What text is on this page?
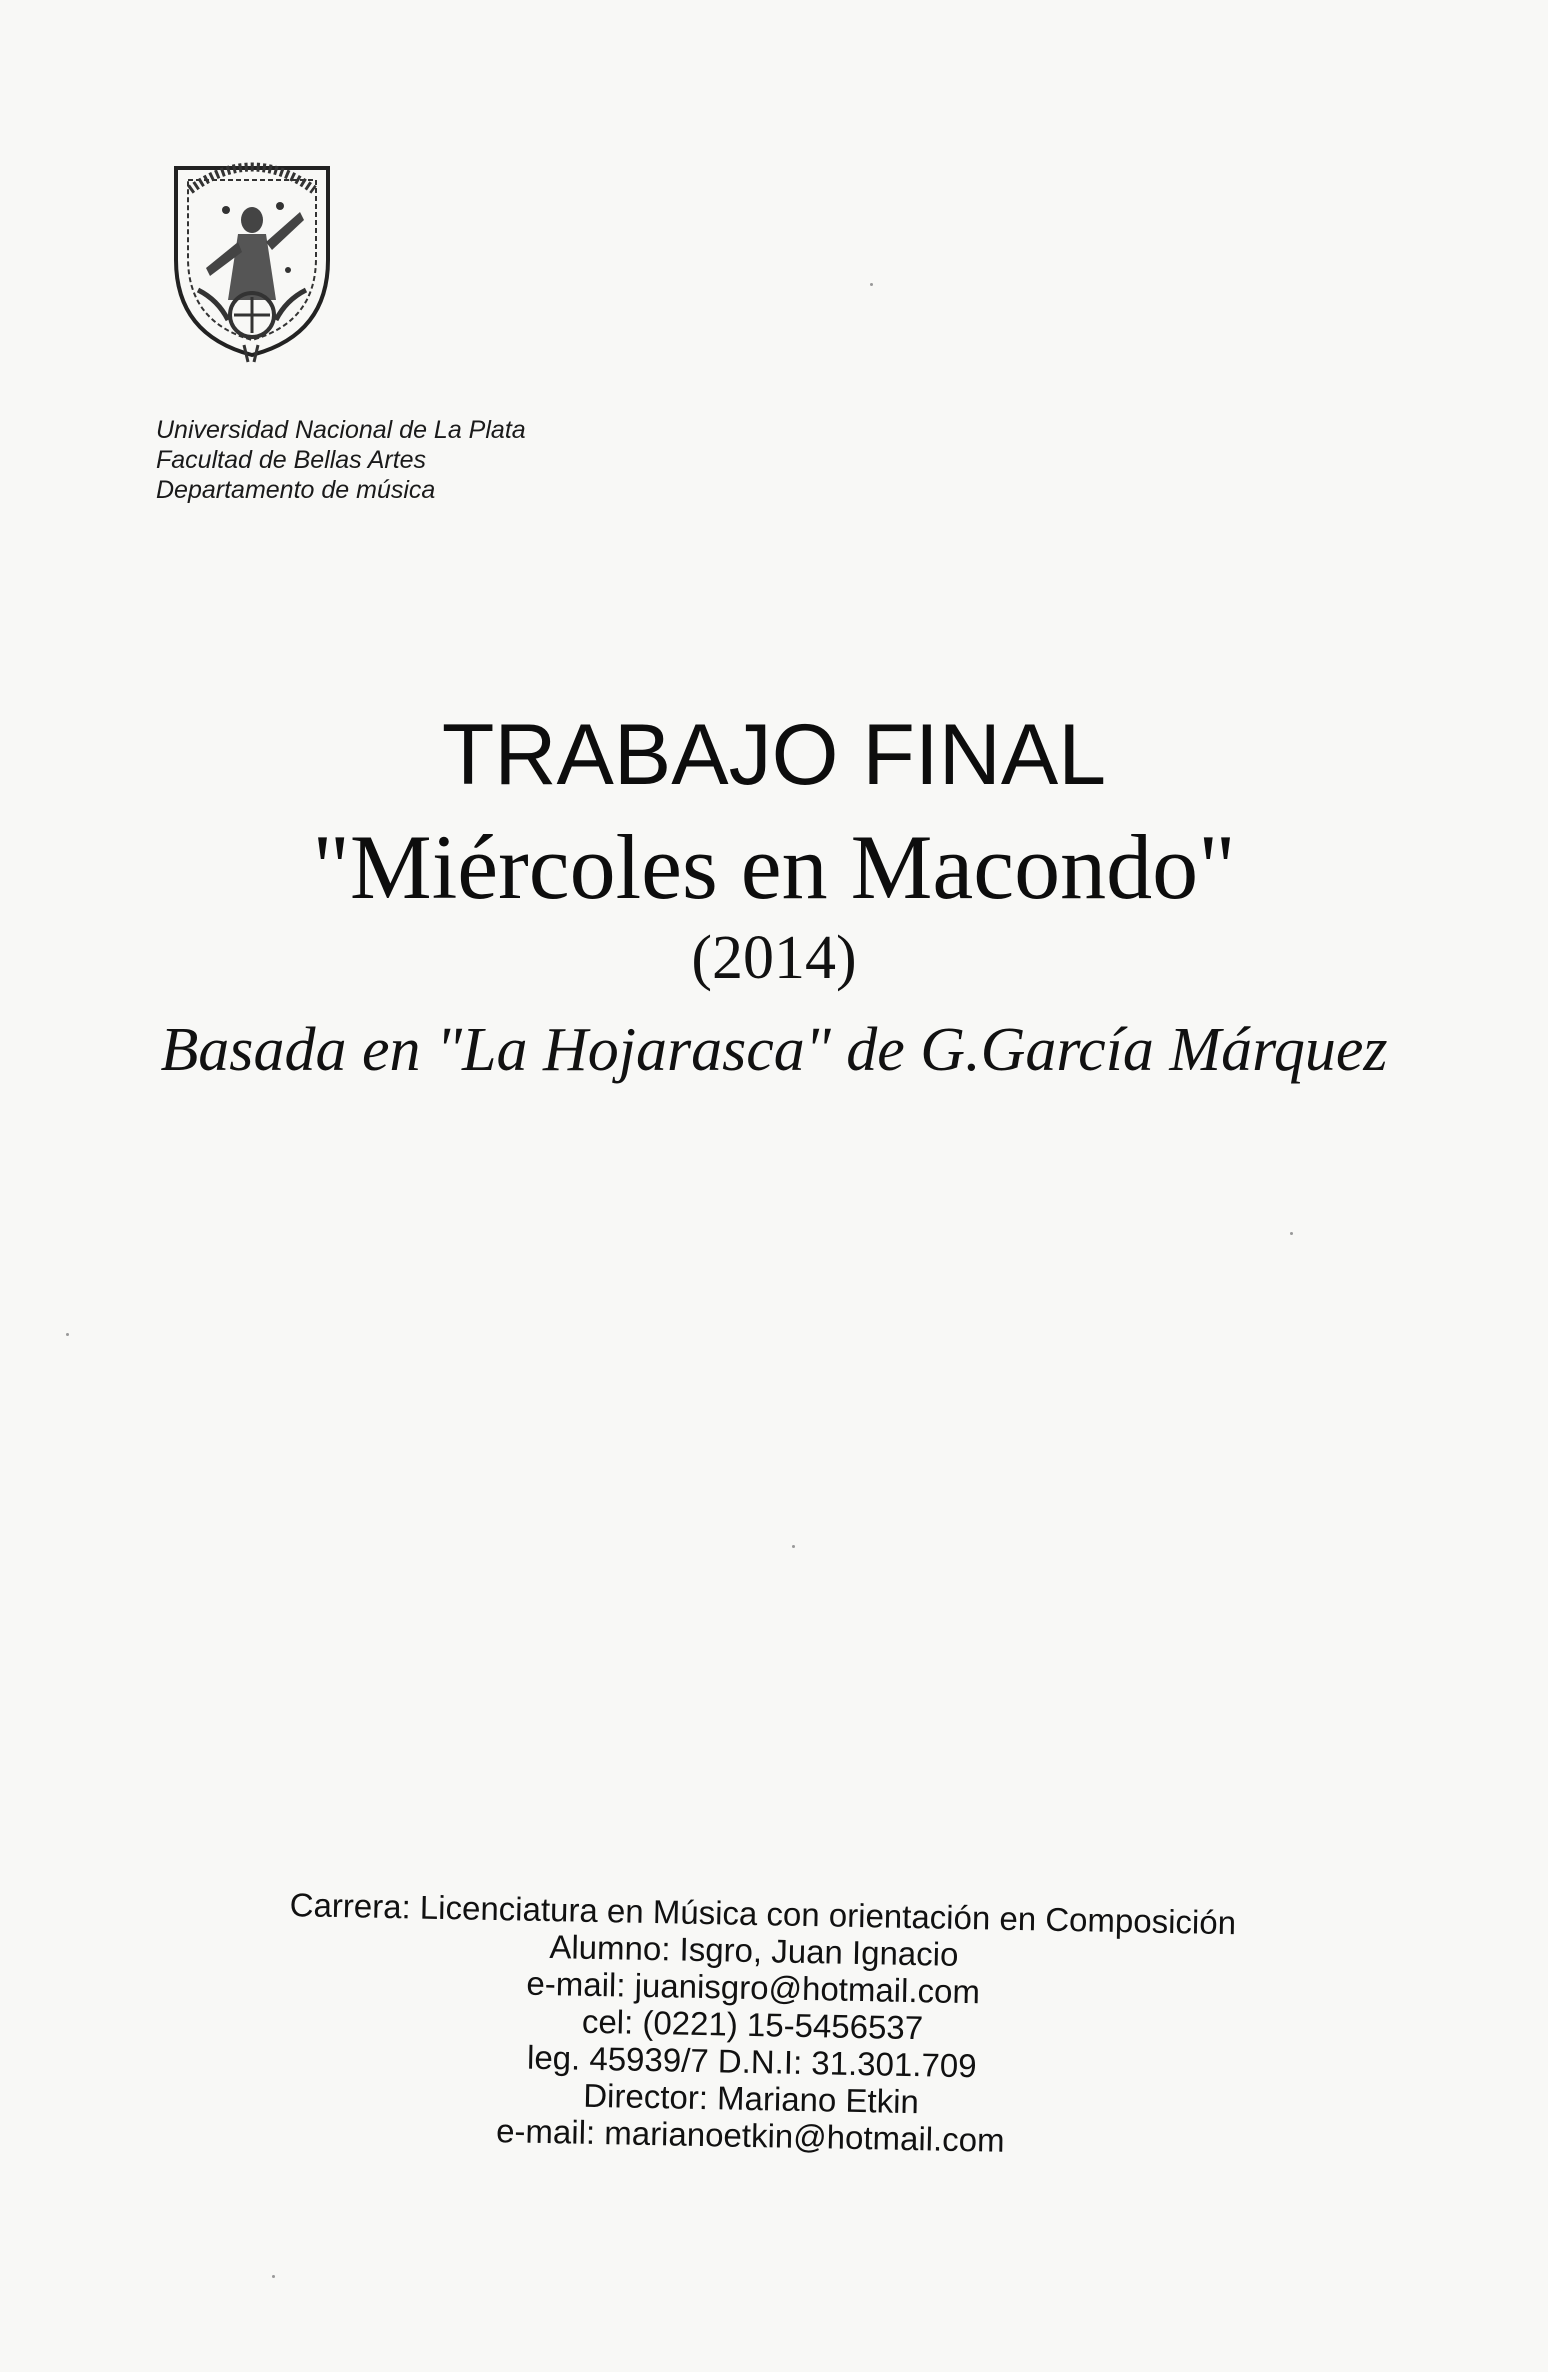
Universidad Nacional de La Plata
Facultad de Bellas Artes
Departamento de música
TRABAJO FINAL
"Miércoles en Macondo"
(2014)
Basada en "La Hojarasca" de G.García Márquez
Carrera: Licenciatura en Música con orientación en Composición
Alumno: Isgro, Juan Ignacio
e-mail: juanisgro@hotmail.com
cel: (0221) 15-5456537
leg. 45939/7 D.N.I: 31.301.709
Director: Mariano Etkin
e-mail: marianoetkin@hotmail.com
